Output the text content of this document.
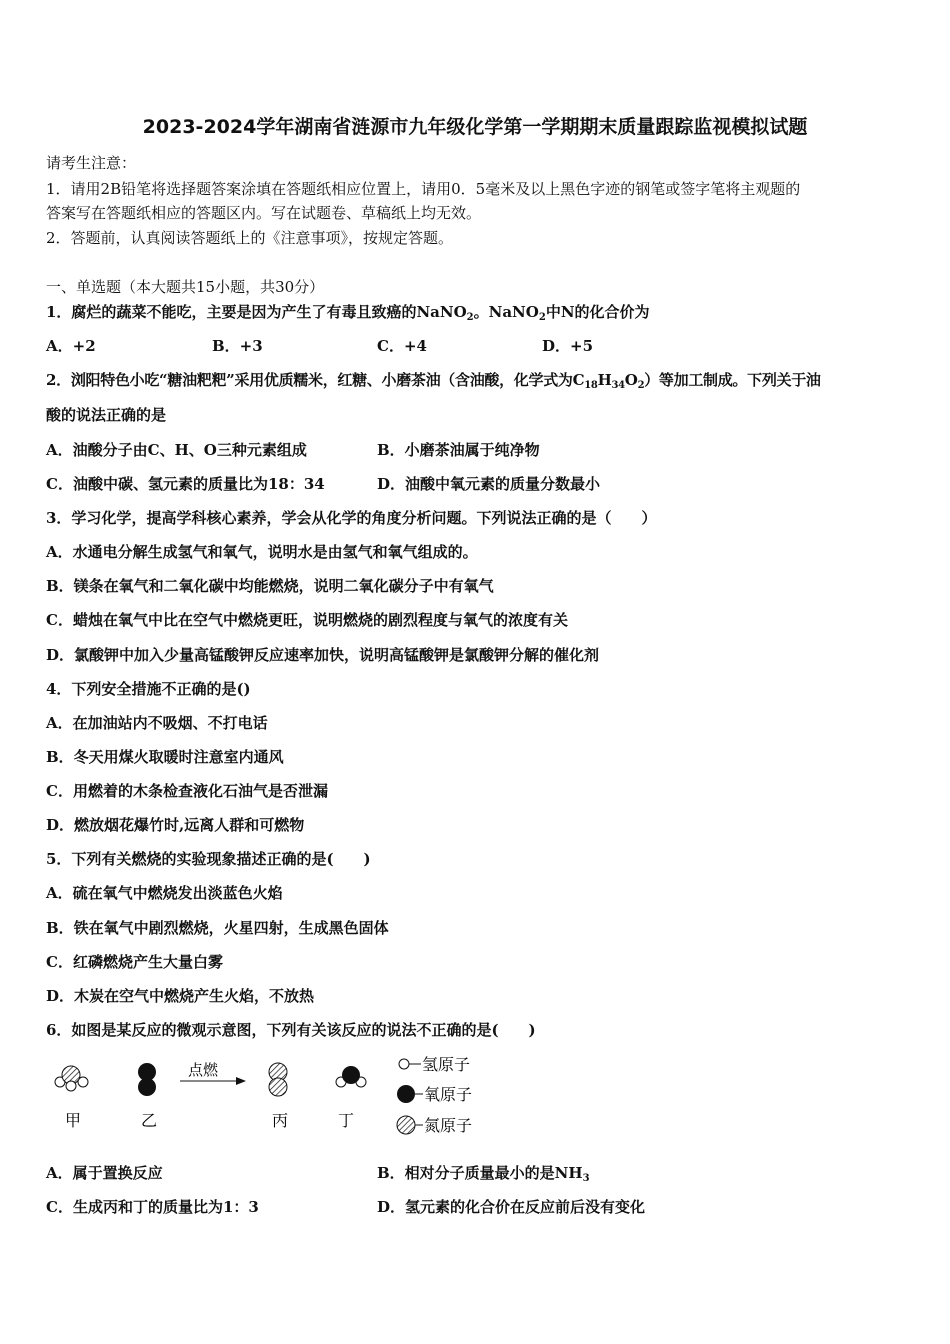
2023-2024学年湖南省涟源市九年级化学第一学期期末质量跟踪监视模拟试题
请考生注意：
1．请用2B铅笔将选择题答案涂填在答题纸相应位置上，请用0．5毫米及以上黑色字迹的钢笔或签字笔将主观题的
答案写在答题纸相应的答题区内。写在试题卷、草稿纸上均无效。
2．答题前，认真阅读答题纸上的《注意事项》，按规定答题。
一、单选题（本大题共15小题，共30分）
1．腐烂的蔬菜不能吃，主要是因为产生了有毒且致癌的NaNO$_2$。NaNO$_2$中N的化合价为
A．+2	B．+3	C．+4	D．+5
2．浏阳特色小吃“糖油粑粑”采用优质糯米，红糖、小磨茶油（含油酸，化学式为$C_{18}H_{34}O_2$）等加工制成。下列关于油
酸的说法正确的是
A．油酸分子由C、H、O三种元素组成	B．小磨茶油属于纯净物
C．油酸中碳、氢元素的质量比为18：34	D．油酸中氧元素的质量分数最小
3．学习化学，提高学科核心素养，学会从化学的角度分析问题。下列说法正确的是（　　）
A．水通电分解生成氢气和氧气，说明水是由氢气和氧气组成的。
B．镁条在氧气和二氧化碳中均能燃烧，说明二氧化碳分子中有氧气
C．蜡烛在氧气中比在空气中燃烧更旺，说明燃烧的剧烈程度与氧气的浓度有关
D．氯酸钾中加入少量高锰酸钾反应速率加快，说明高锰酸钾是氯酸钾分解的催化剂
4．下列安全措施不正确的是()
A．在加油站内不吸烟、不打电话
B．冬天用煤火取暖时注意室内通风
C．用燃着的木条检查液化石油气是否泄漏
D．燃放烟花爆竹时,远离人群和可燃物
5．下列有关燃烧的实验现象描述正确的是(　　)
A．硫在氧气中燃烧发出淡蓝色火焰
B．铁在氧气中剧烈燃烧，火星四射，生成黑色固体
C．红磷燃烧产生大量白雾
D．木炭在空气中燃烧产生火焰，不放热
6．如图是某反应的微观示意图，下列有关该反应的说法不正确的是(　　)
点燃
甲	乙	丙	丁
氢原子
氧原子
氮原子
A．属于置换反应	B．相对分子质量最小的是$NH_3$
C．生成丙和丁的质量比为1：3	D．氢元素的化合价在反应前后没有变化
